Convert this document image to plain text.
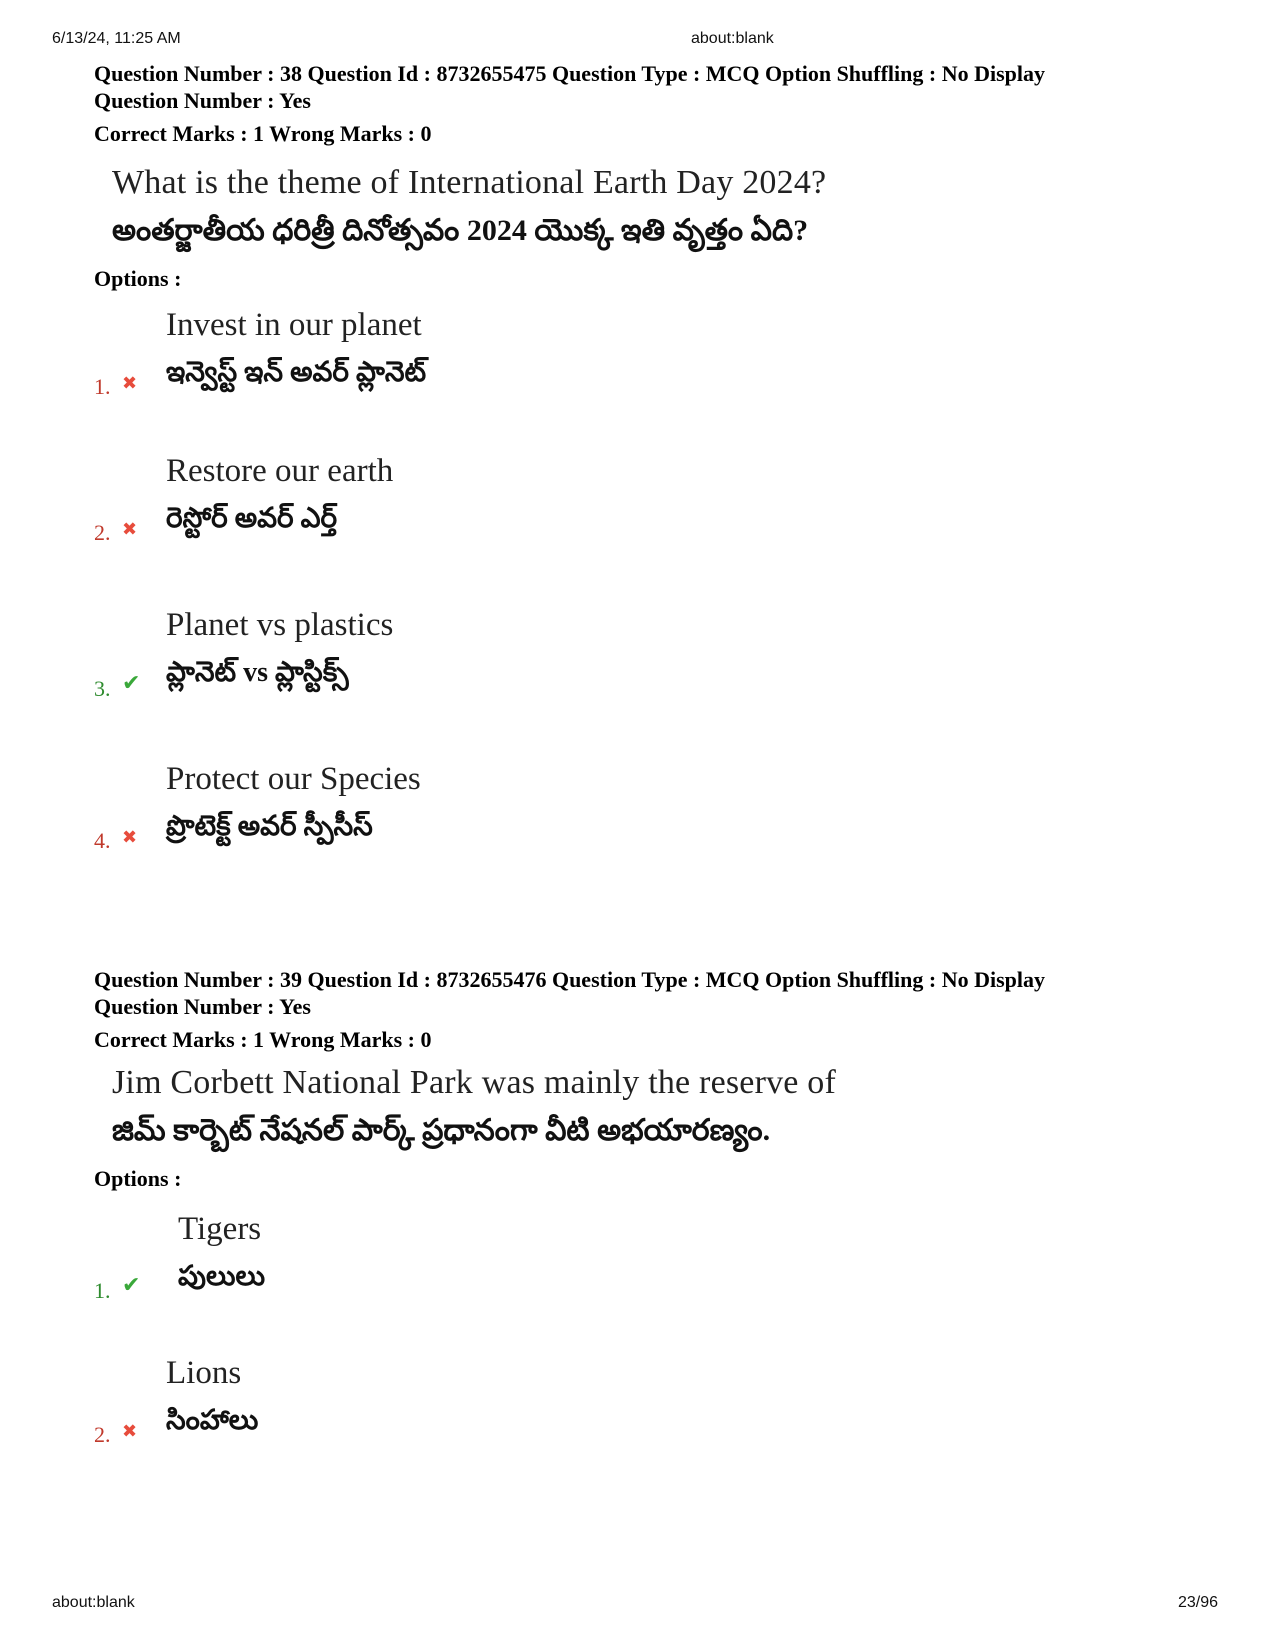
6/13/24, 11:25 AM	about:blank
Question Number : 38 Question Id : 8732655475 Question Type : MCQ Option Shuffling : No Display
Question Number : Yes
Correct Marks : 1 Wrong Marks : 0
What is the theme of International Earth Day 2024?
అంతర్జాతీయ ధరిత్రీ దినోత్సవం 2024 యొక్క ఇతి వృత్తం ఏది?
Options :
1. ✖
Invest in our planet
ఇన్వెస్ట్ ఇన్ అవర్ ప్లానెట్
2. ✖
Restore our earth
రెస్టోర్ అవర్ ఎర్త్
3. ✔
Planet vs plastics
ప్లానెట్ vs ప్లాస్టిక్స్
4. ✖
Protect our Species
ప్రొటెక్ట్ అవర్ స్పీసీస్
Question Number : 39 Question Id : 8732655476 Question Type : MCQ Option Shuffling : No Display
Question Number : Yes
Correct Marks : 1 Wrong Marks : 0
Jim Corbett National Park was mainly the reserve of
జిమ్ కార్బెట్ నేషనల్ పార్క్ ప్రధానంగా వీటి అభయారణ్యం.
Options :
1. ✔
Tigers
పులులు
2. ✖
Lions
సింహాలు
about:blank	23/96
